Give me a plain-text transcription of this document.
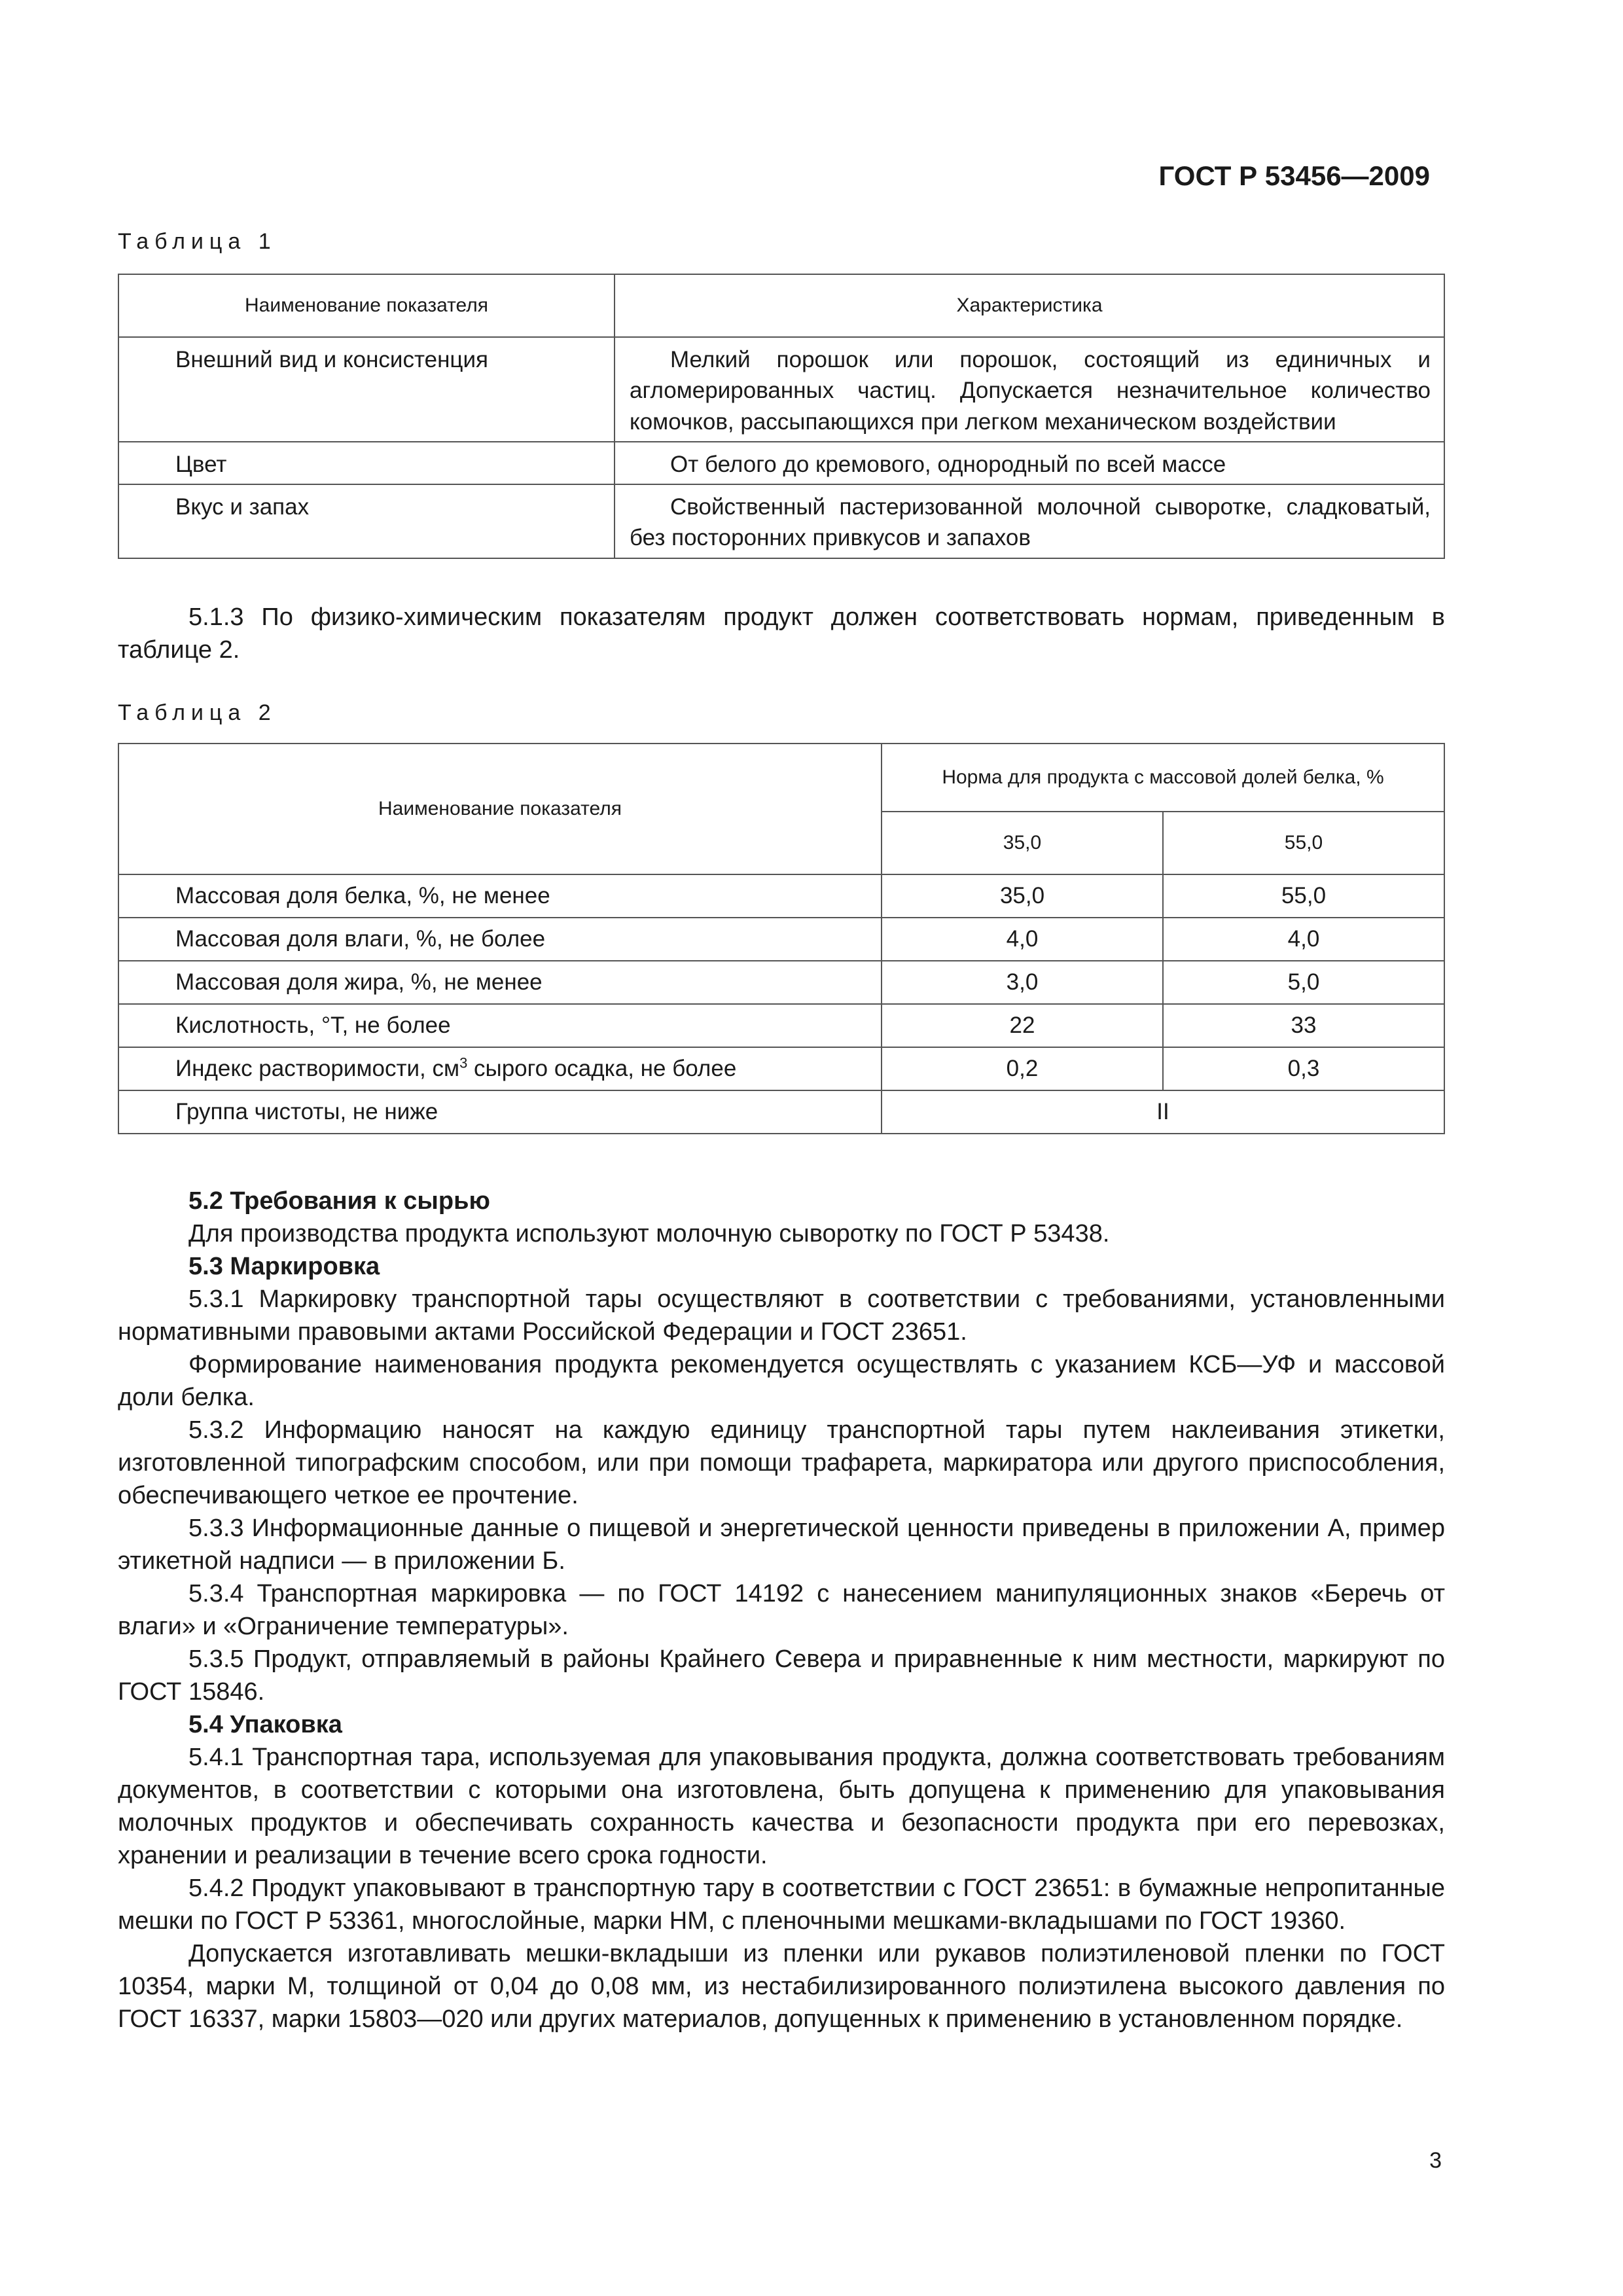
ГОСТ Р 53456—2009
Таблица 1
Наименование показателя	Характеристика
Внешний вид и консистенция	Мелкий порошок или порошок, состоящий из единичных и агломерированных частиц. Допускается незначительное количество комочков, рассыпающихся при легком механическом воздействии
Цвет	От белого до кремового, однородный по всей массе
Вкус и запах	Свойственный пастеризованной молочной сыворотке, сладковатый, без посторонних привкусов и запахов

5.1.3 По физико-химическим показателям продукт должен соответствовать нормам, приведенным в таблице 2.

Таблица 2
Наименование показателя	Норма для продукта с массовой долей белка, %	
	35,0	55,0
Массовая доля белка, %, не менее	35,0	55,0
Массовая доля влаги, %, не более	4,0	4,0
Массовая доля жира, %, не менее	3,0	5,0
Кислотность, °Т, не более	22	33
Индекс растворимости, $см^3$ сырого осадка, не более	0,2	0,3
Группа чистоты, не ниже	II	

5.2 Требования к сырью

Для производства продукта используют молочную сыворотку по ГОСТ Р 53438.

5.3 Маркировка

5.3.1 Маркировку транспортной тары осуществляют в соответствии с требованиями, установленными нормативными правовыми актами Российской Федерации и ГОСТ 23651.

Формирование наименования продукта рекомендуется осуществлять с указанием КСБ—УФ и массовой доли белка.

5.3.2 Информацию наносят на каждую единицу транспортной тары путем наклеивания этикетки, изготовленной типографским способом, или при помощи трафарета, маркиратора или другого приспособления, обеспечивающего четкое ее прочтение.

5.3.3 Информационные данные о пищевой и энергетической ценности приведены в приложении А, пример этикетной надписи — в приложении Б.

5.3.4 Транспортная маркировка — по ГОСТ 14192 с нанесением манипуляционных знаков «Беречь от влаги» и «Ограничение температуры».

5.3.5 Продукт, отправляемый в районы Крайнего Севера и приравненные к ним местности, маркируют по ГОСТ 15846.

5.4 Упаковка

5.4.1 Транспортная тара, используемая для упаковывания продукта, должна соответствовать требованиям документов, в соответствии с которыми она изготовлена, быть допущена к применению для упаковывания молочных продуктов и обеспечивать сохранность качества и безопасности продукта при его перевозках, хранении и реализации в течение всего срока годности.

5.4.2 Продукт упаковывают в транспортную тару в соответствии с ГОСТ 23651: в бумажные непропитанные мешки по ГОСТ Р 53361, многослойные, марки НМ, с пленочными мешками-вкладышами по ГОСТ 19360.

Допускается изготавливать мешки-вкладыши из пленки или рукавов полиэтиленовой пленки по ГОСТ 10354, марки М, толщиной от 0,04 до 0,08 мм, из нестабилизированного полиэтилена высокого давления по ГОСТ 16337, марки 15803—020 или других материалов, допущенных к применению в установленном порядке.

3
